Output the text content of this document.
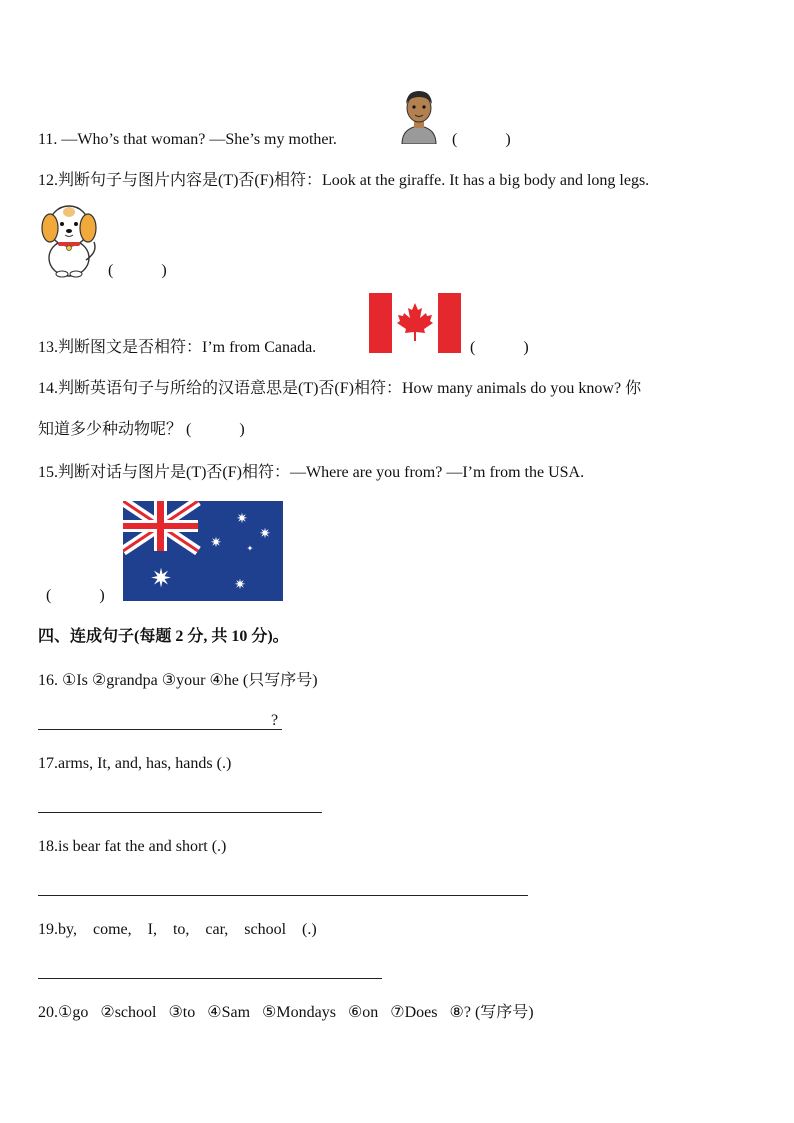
11. —Who’s that woman? —She’s my mother.	(　　　)
12.判断句子与图片内容是(T)否(F)相符：Look at the giraffe. It has a big body and long legs.
(　　　)
13.判断图文是否相符：I’m from Canada.	(　　　)
14.判断英语句子与所给的汉语意思是(T)否(F)相符：How many animals do you know? 你
知道多少种动物呢？ (　　　)
15.判断对话与图片是(T)否(F)相符：—Where are you from? —I’m from the USA.
✷
✷
✷
✷
✦
✷
(　　　)
四、连成句子(每题 2 分, 共 10 分)。
16. ①Is ②grandpa ③your ④he (只写序号)
?
17.arms, It, and, has, hands (.)
18.is bear fat the and short (.)
19.by,    come,    I,    to,    car,    school    (.)
20.①go   ②school   ③to   ④Sam   ⑤Mondays   ⑥on   ⑦Does   ⑧? (写序号)
